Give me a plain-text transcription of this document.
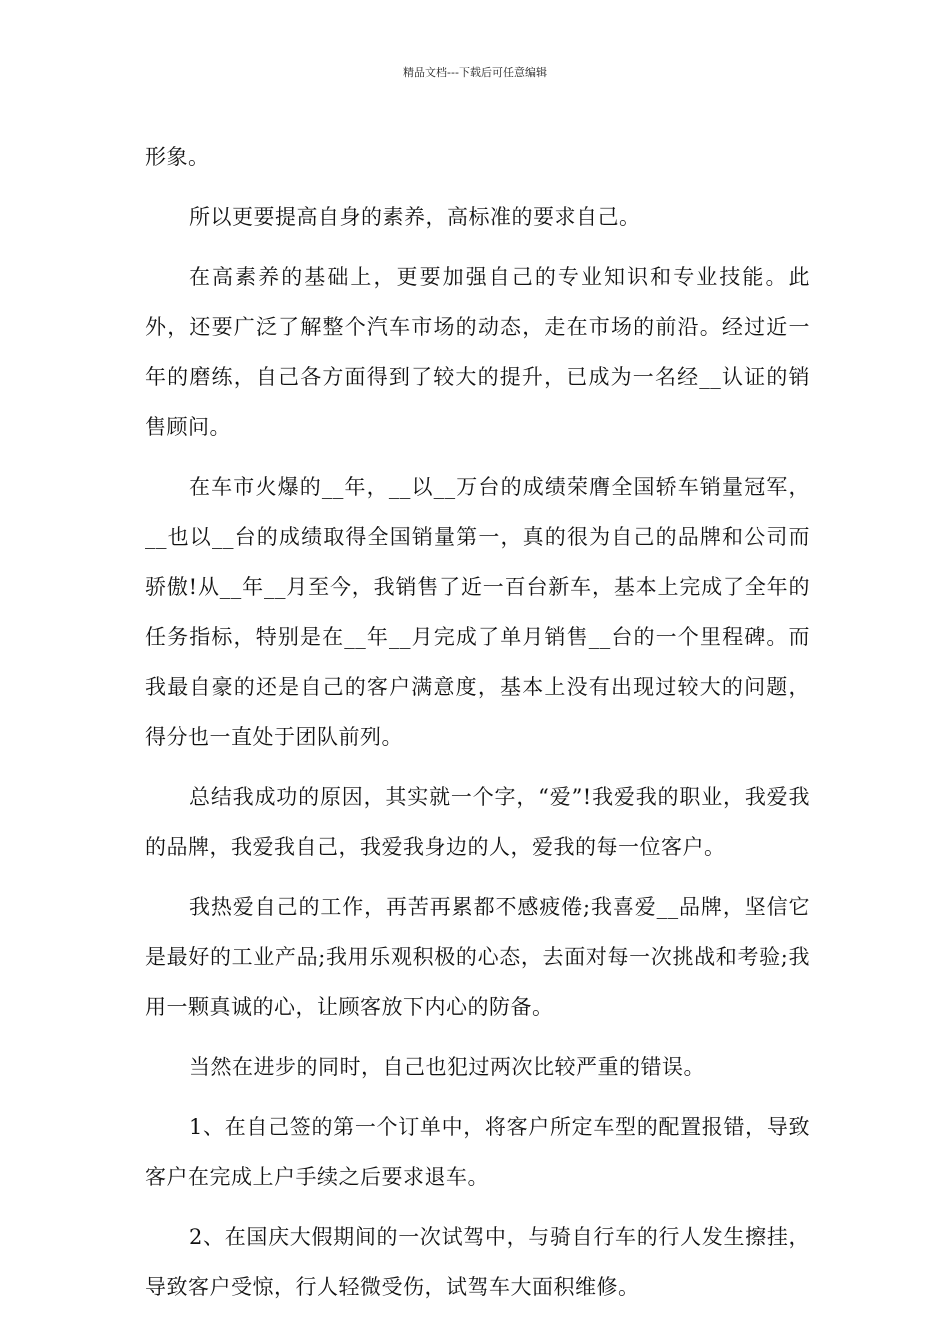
精品文档---下载后可任意编辑

形象。

所以更要提高自身的素养，高标准的要求自己。

在高素养的基础上，更要加强自己的专业知识和专业技能。此外，还要广泛了解整个汽车市场的动态，走在市场的前沿。经过近一年的磨练，自己各方面得到了较大的提升，已成为一名经__认证的销售顾问。

在车市火爆的__年，__以__万台的成绩荣膺全国轿车销量冠军，__也以__台的成绩取得全国销量第一，真的很为自己的品牌和公司而骄傲!从__年__月至今，我销售了近一百台新车，基本上完成了全年的任务指标，特别是在__年__月完成了单月销售__台的一个里程碑。而我最自豪的还是自己的客户满意度，基本上没有出现过较大的问题，得分也一直处于团队前列。

总结我成功的原因，其实就一个字，“爱”!我爱我的职业，我爱我的品牌，我爱我自己，我爱我身边的人，爱我的每一位客户。

我热爱自己的工作，再苦再累都不感疲倦;我喜爱__品牌，坚信它是最好的工业产品;我用乐观积极的心态，去面对每一次挑战和考验;我用一颗真诚的心，让顾客放下内心的防备。

当然在进步的同时，自己也犯过两次比较严重的错误。

1、在自己签的第一个订单中，将客户所定车型的配置报错，导致客户在完成上户手续之后要求退车。

2、在国庆大假期间的一次试驾中，与骑自行车的行人发生擦挂，导致客户受惊，行人轻微受伤，试驾车大面积维修。
